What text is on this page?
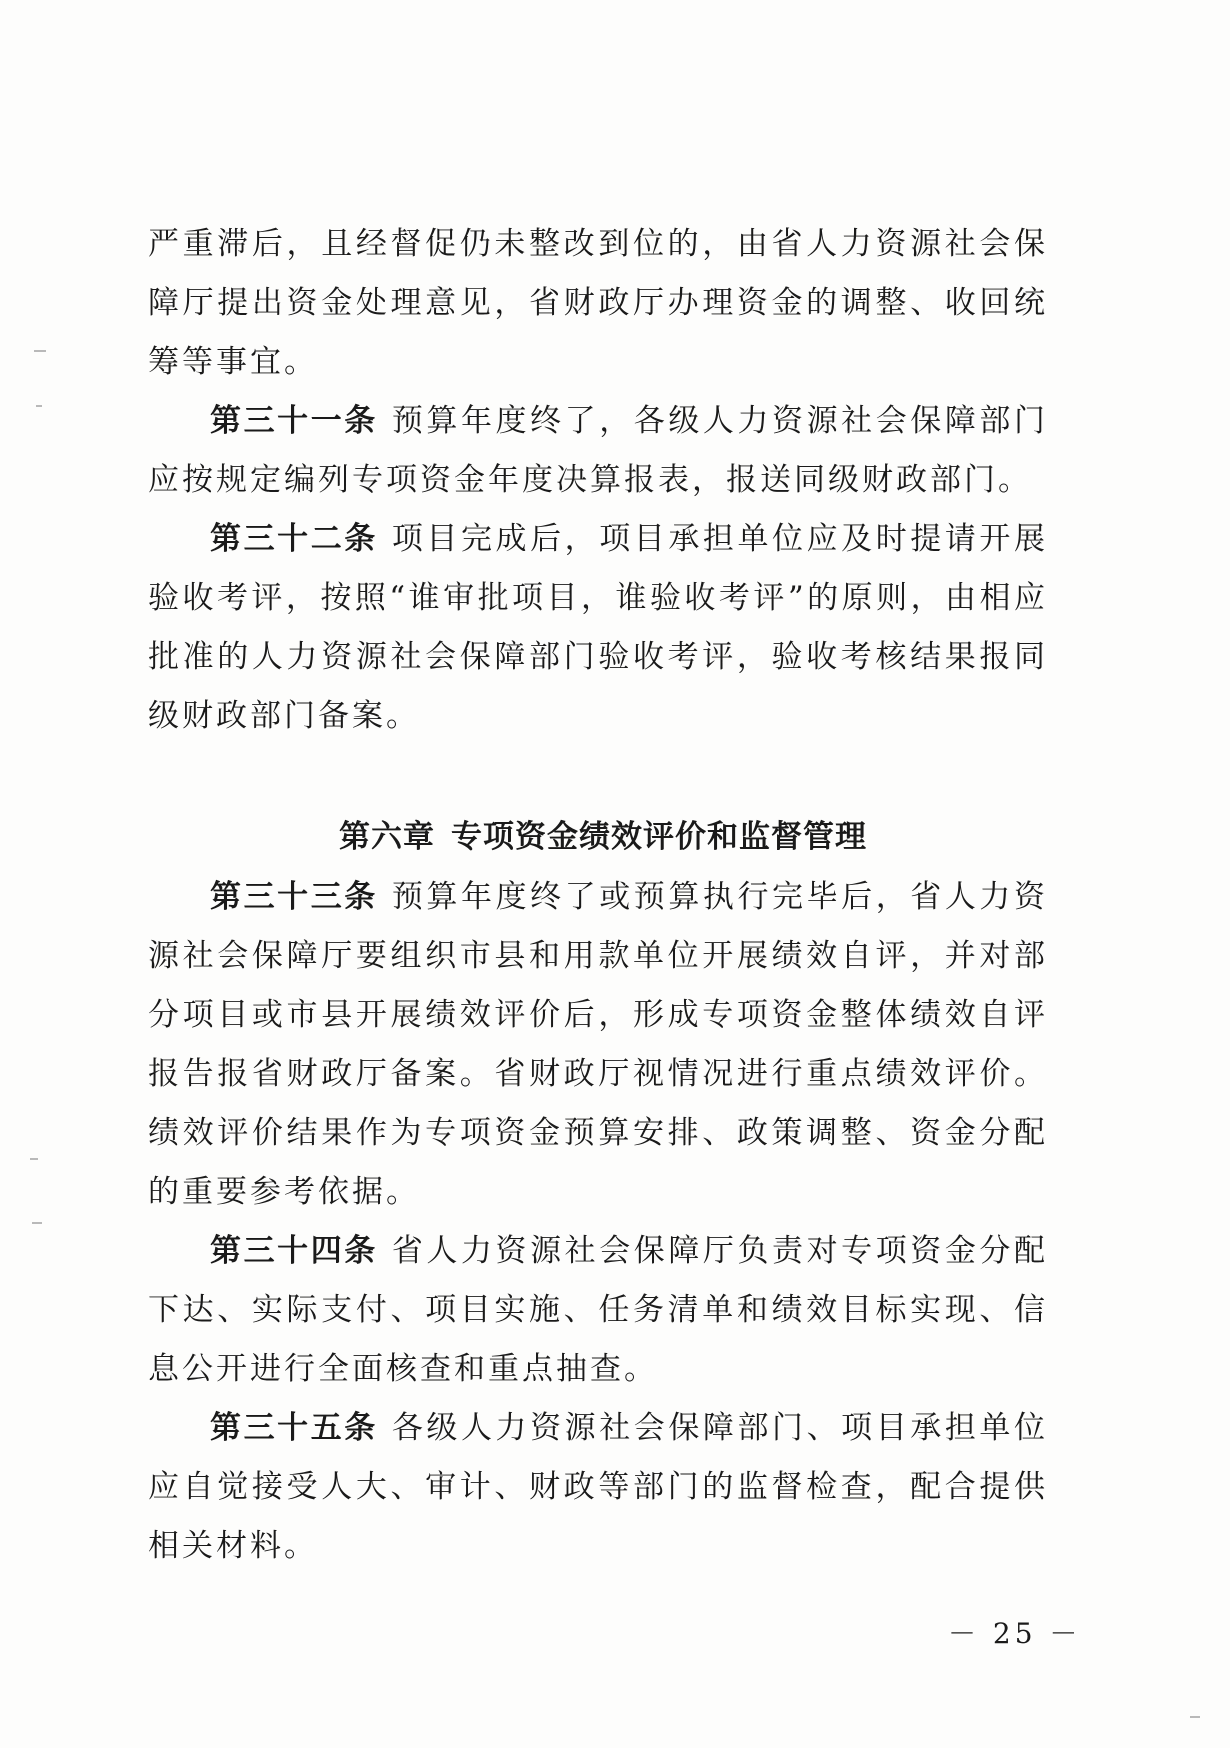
严重滞后，且经督促仍未整改到位的，由省人力资源社会保障厅提出资金处理意见，省财政厅办理资金的调整、收回统筹等事宜。

第三十一条 预算年度终了，各级人力资源社会保障部门应按规定编列专项资金年度决算报表，报送同级财政部门。

第三十二条 项目完成后，项目承担单位应及时提请开展验收考评，按照“谁审批项目，谁验收考评”的原则，由相应批准的人力资源社会保障部门验收考评，验收考核结果报同级财政部门备案。

第六章 专项资金绩效评价和监督管理

第三十三条 预算年度终了或预算执行完毕后，省人力资源社会保障厅要组织市县和用款单位开展绩效自评，并对部分项目或市县开展绩效评价后，形成专项资金整体绩效自评报告报省财政厅备案。省财政厅视情况进行重点绩效评价。绩效评价结果作为专项资金预算安排、政策调整、资金分配的重要参考依据。

第三十四条 省人力资源社会保障厅负责对专项资金分配下达、实际支付、项目实施、任务清单和绩效目标实现、信息公开进行全面核查和重点抽查。

第三十五条 各级人力资源社会保障部门、项目承担单位应自觉接受人大、审计、财政等部门的监督检查，配合提供相关材料。

－ 25 －
